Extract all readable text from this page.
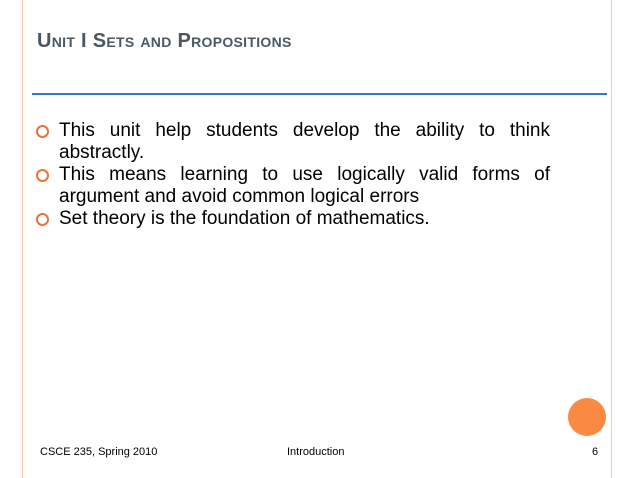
Unit I Sets and Propositions
This unit help students develop the ability to think abstractly.
This means learning to use logically valid forms of argument and avoid common logical errors
Set theory is the foundation of mathematics.
CSCE 235, Spring 2010	Introduction	6
